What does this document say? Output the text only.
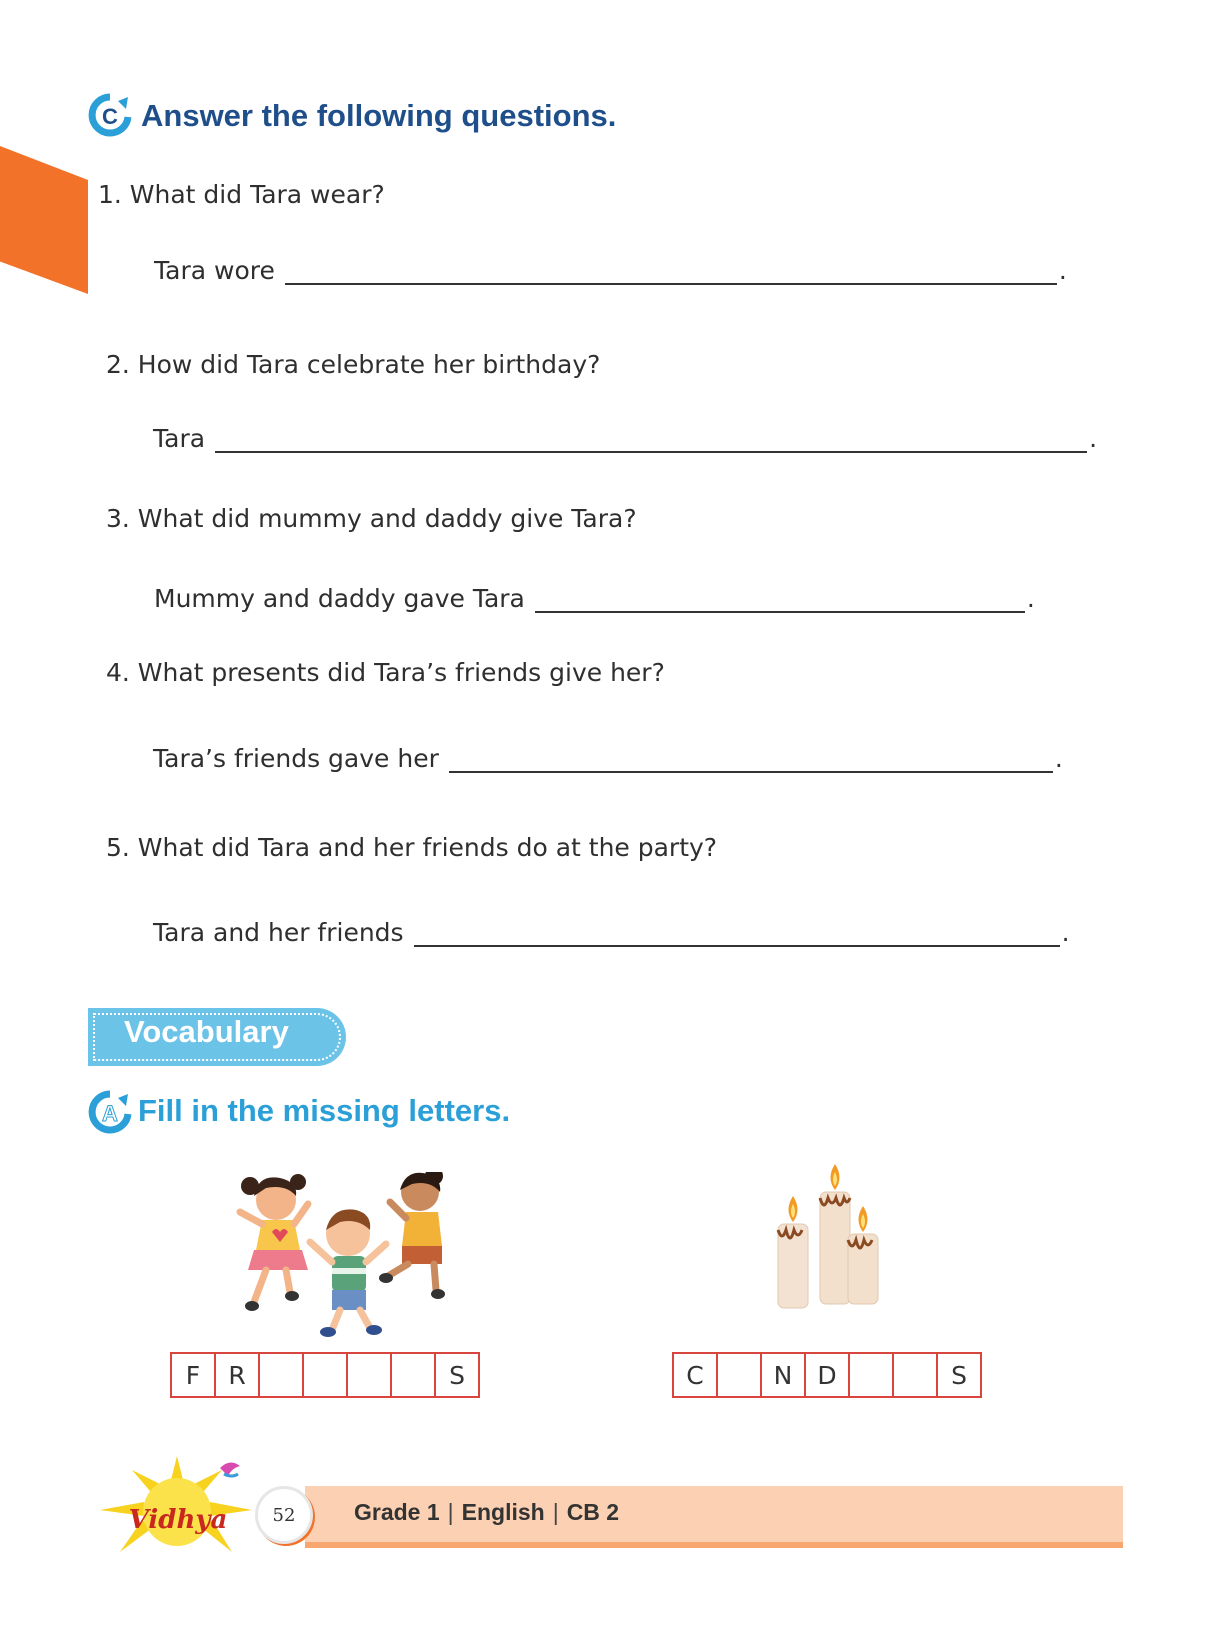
C Answer the following questions.
1. What did Tara wear?
Tara wore	.
2. How did Tara celebrate her birthday?
Tara	.
3. What did mummy and daddy give Tara?
Mummy and daddy gave Tara	.
4. What presents did Tara’s friends give her?
Tara’s friends gave her	.
5. What did Tara and her friends do at the party?
Tara and her friends	.
Vocabulary
A Fill in the missing letters.
F	R	S	C	N	D	S
Vidhya	52	Grade 1 | English | CB 2
